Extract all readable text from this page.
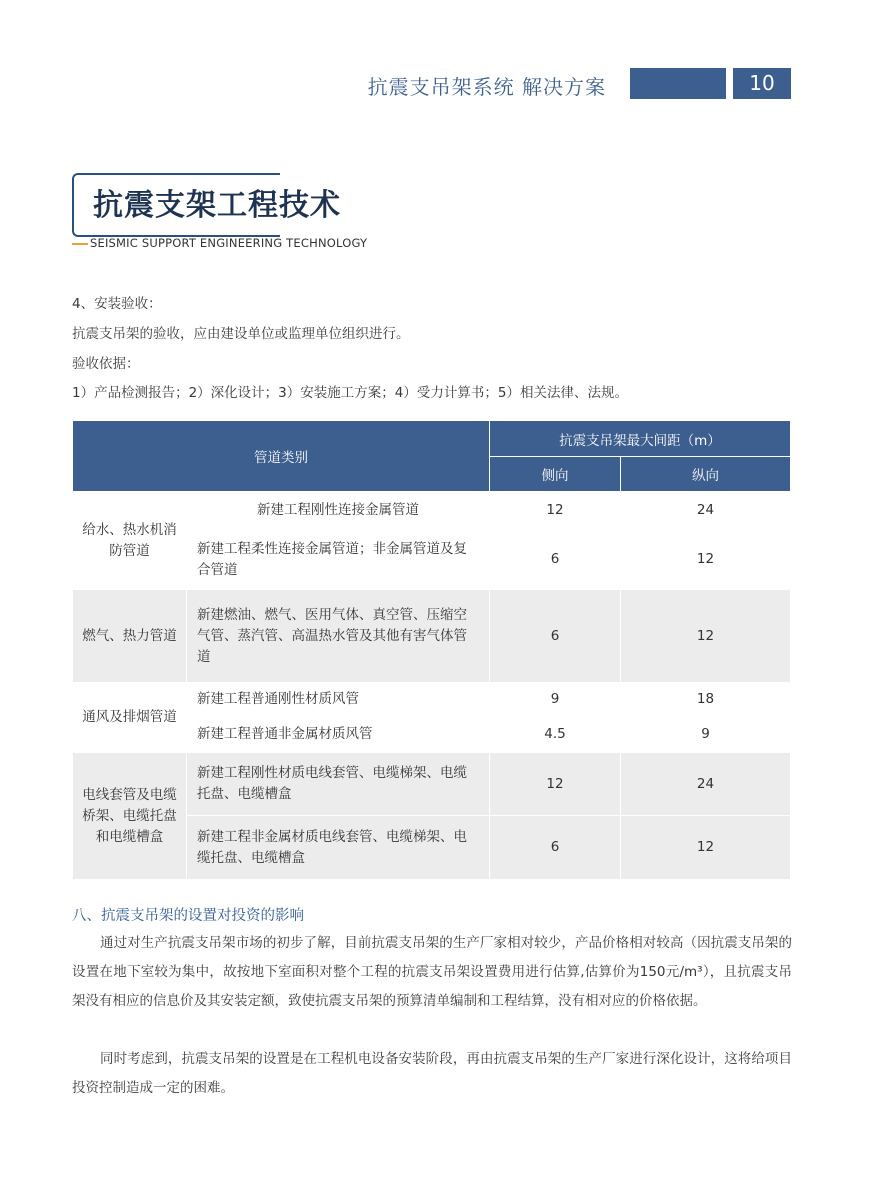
抗震支吊架系统 解决方案	10
抗震支架工程技术
SEISMIC SUPPORT ENGINEERING TECHNOLOGY
4、安装验收：
抗震支吊架的验收，应由建设单位或监理单位组织进行。
验收依据：
1）产品检测报告；2）深化设计；3）安装施工方案；4）受力计算书；5）相关法律、法规。
管道类别		抗震支吊架最大间距（m）	
		侧向	纵向
给水、热水机消防管道	新建工程刚性连接金属管道	12	24
	新建工程柔性连接金属管道；非金属管道及复合管道	6	12
燃气、热力管道	新建燃油、燃气、医用气体、真空管、压缩空气管、蒸汽管、高温热水管及其他有害气体管道	6	12
通风及排烟管道	新建工程普通刚性材质风管	9	18
	新建工程普通非金属材质风管	4.5	9
电线套管及电缆桥架、电缆托盘和电缆槽盒	新建工程刚性材质电线套管、电缆梯架、电缆托盘、电缆槽盒	12	24
	新建工程非金属材质电线套管、电缆梯架、电缆托盘、电缆槽盒	6	12
八、抗震支吊架的设置对投资的影响
通过对生产抗震支吊架市场的初步了解，目前抗震支吊架的生产厂家相对较少，产品价格相对较高（因抗震支吊架的设置在地下室较为集中，故按地下室面积对整个工程的抗震支吊架设置费用进行估算,估算价为150元/m³），且抗震支吊架没有相应的信息价及其安装定额，致使抗震支吊架的预算清单编制和工程结算，没有相对应的价格依据。
同时考虑到，抗震支吊架的设置是在工程机电设备安装阶段，再由抗震支吊架的生产厂家进行深化设计，这将给项目投资控制造成一定的困难。
